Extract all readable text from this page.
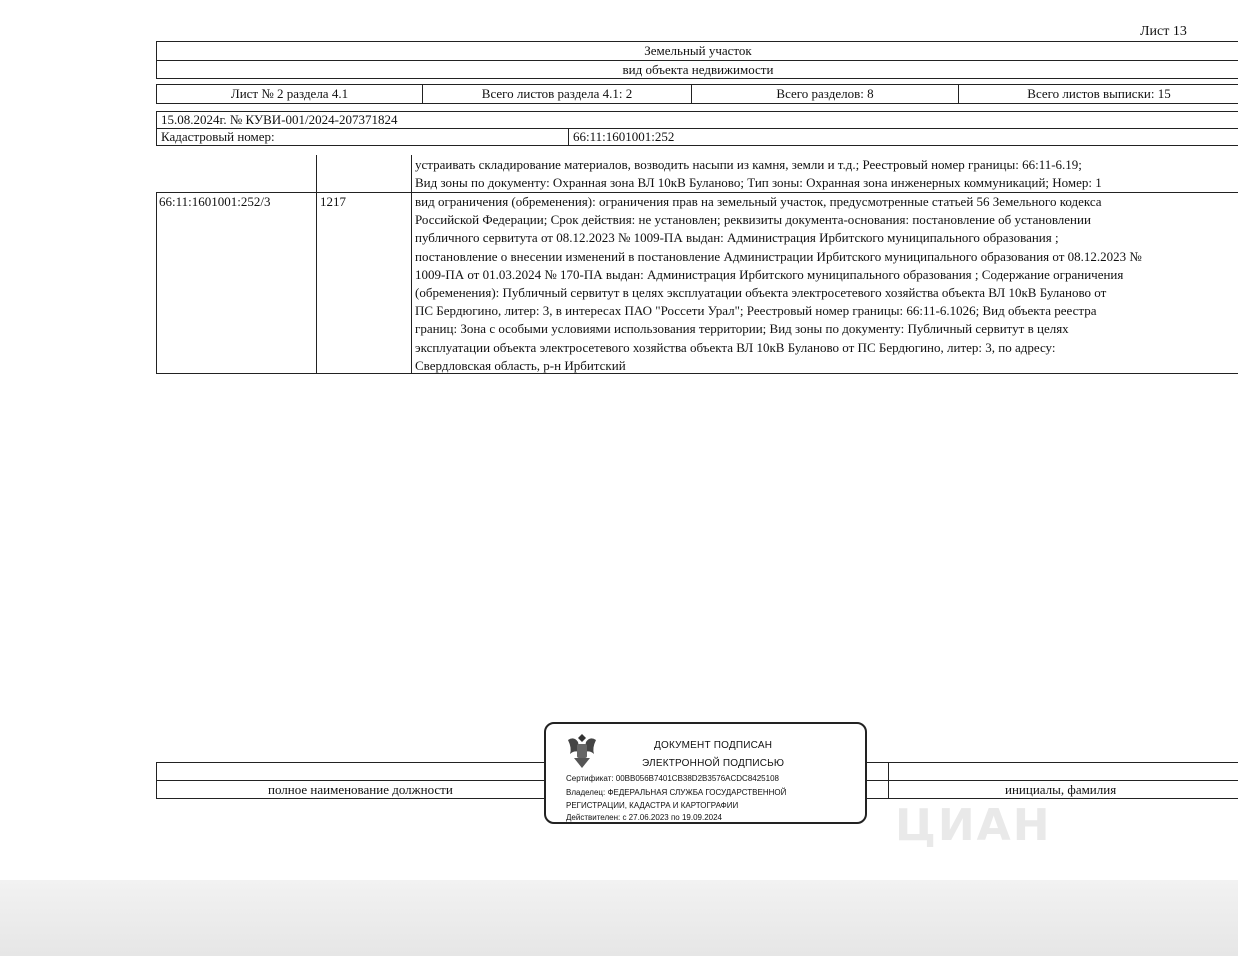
Лист 13
Земельный участок
вид объекта недвижимости
Лист № 2 раздела 4.1	Всего листов раздела 4.1: 2	Всего разделов: 8	Всего листов выписки: 15
15.08.2024г. № КУВИ-001/2024-207371824
Кадастровый номер:	66:11:1601001:252
устраивать складирование материалов, возводить насыпи из камня, земли и т.д.; Реестровый номер границы: 66:11-6.19;
Вид зоны по документу: Охранная зона ВЛ 10кВ Буланово; Тип зоны: Охранная зона инженерных коммуникаций; Номер: 1
66:11:1601001:252/3	1217	вид ограничения (обременения): ограничения прав на земельный участок, предусмотренные статьей 56 Земельного кодекса
Российской Федерации; Срок действия: не установлен; реквизиты документа-основания: постановление об установлении
публичного сервитута от 08.12.2023 № 1009-ПА выдан: Администрация Ирбитского муниципального образования ;
постановление о внесении изменений в постановление Администрации Ирбитского муниципального образования от 08.12.2023 №
1009-ПА от 01.03.2024 № 170-ПА выдан: Администрация Ирбитского муниципального образования ; Содержание ограничения
(обременения): Публичный сервитут в целях эксплуатации объекта электросетевого хозяйства объекта ВЛ 10кВ Буланово от
ПС Бердюгино, литер: 3, в интересах ПАО "Россети Урал"; Реестровый номер границы: 66:11-6.1026; Вид объекта реестра
границ: Зона с особыми условиями использования территории; Вид зоны по документу: Публичный сервитут в целях
эксплуатации объекта электросетевого хозяйства объекта ВЛ 10кВ Буланово от ПС Бердюгино, литер: 3, по адресу:
Свердловская область, р-н Ирбитский
полное наименование должности	инициалы, фамилия
ЦИАН
ДОКУМЕНТ ПОДПИСАН
ЭЛЕКТРОННОЙ ПОДПИСЬЮ
Сертификат: 00BB056B7401CB38D2B3576ACDC8425108
Владелец: ФЕДЕРАЛЬНАЯ СЛУЖБА ГОСУДАРСТВЕННОЙ
РЕГИСТРАЦИИ, КАДАСТРА И КАРТОГРАФИИ
Действителен: с 27.06.2023 по 19.09.2024
